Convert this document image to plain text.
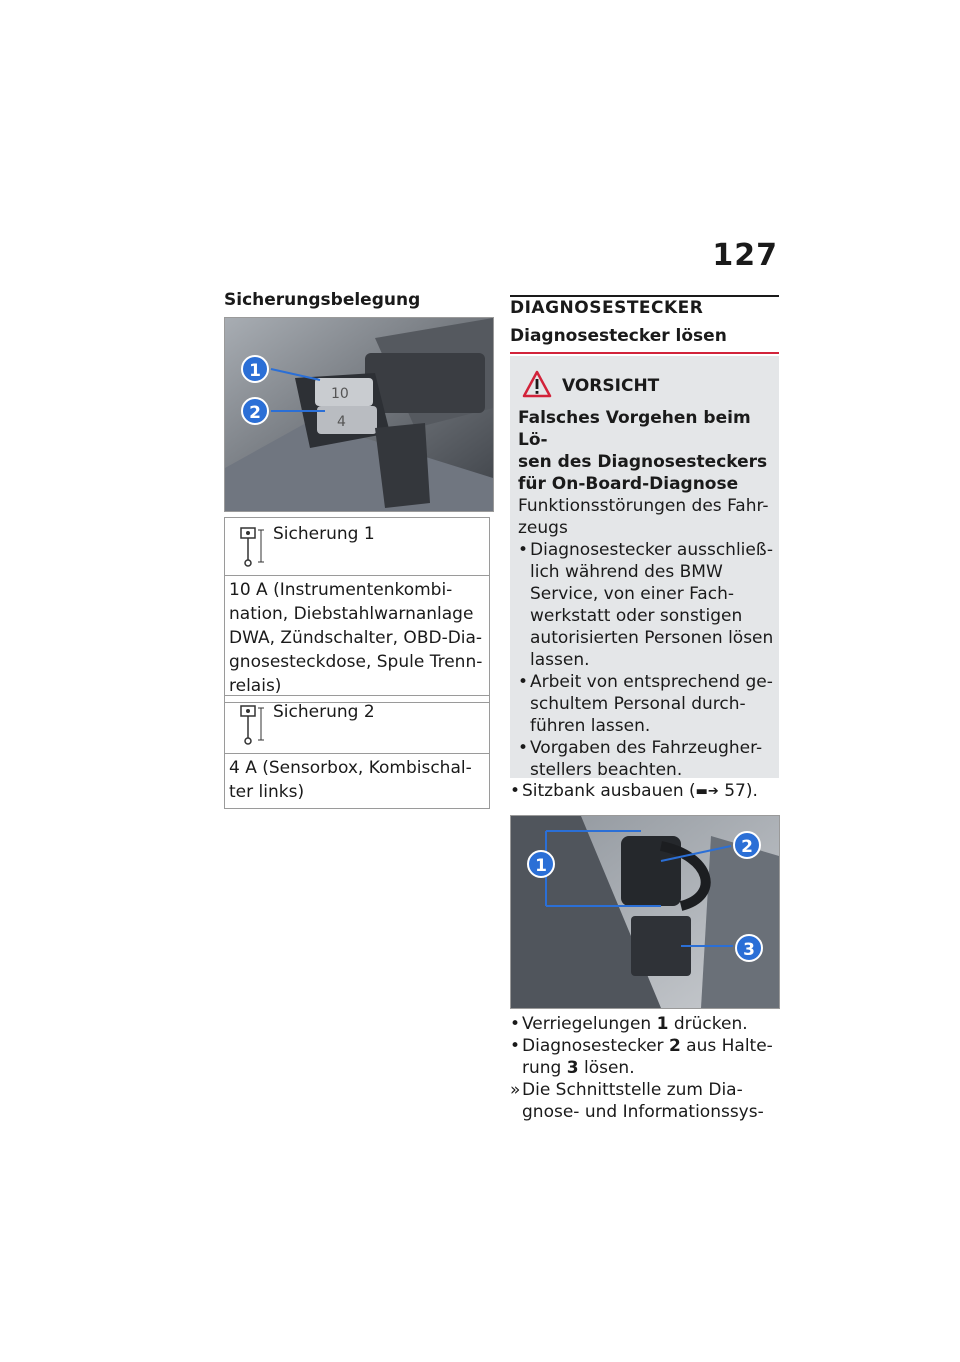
127
Sicherungsbelegung
10
4
1
2
Sicherung 1
10 A (Instrumentenkombi-
nation, Diebstahlwarnanlage
DWA, Zündschalter, OBD-Dia-
gnosesteckdose, Spule Trenn-
relais)
Sicherung 2
4 A (Sensorbox, Kombischal-
ter links)
DIAGNOSESTECKER
Diagnosestecker lösen
VORSICHT
Falsches Vorgehen beim Lö-
sen des Diagnosesteckers
für On-Board-Diagnose
Funktionsstörungen des Fahr-
zeugs
• Diagnosestecker ausschließ-
lich während des BMW
Service, von einer Fach-
werkstatt oder sonstigen
autorisierten Personen lösen
lassen.
• Arbeit von entsprechend ge-
schultem Personal durch-
führen lassen.
• Vorgaben des Fahrzeugher-
stellers beachten.
• Sitzbank ausbauen (▬➔ 57).
1
2
3
• Verriegelungen 1 drücken.
• Diagnosestecker 2 aus Halte-
rung 3 lösen.
» Die Schnittstelle zum Dia-
gnose- und Informationssys-
